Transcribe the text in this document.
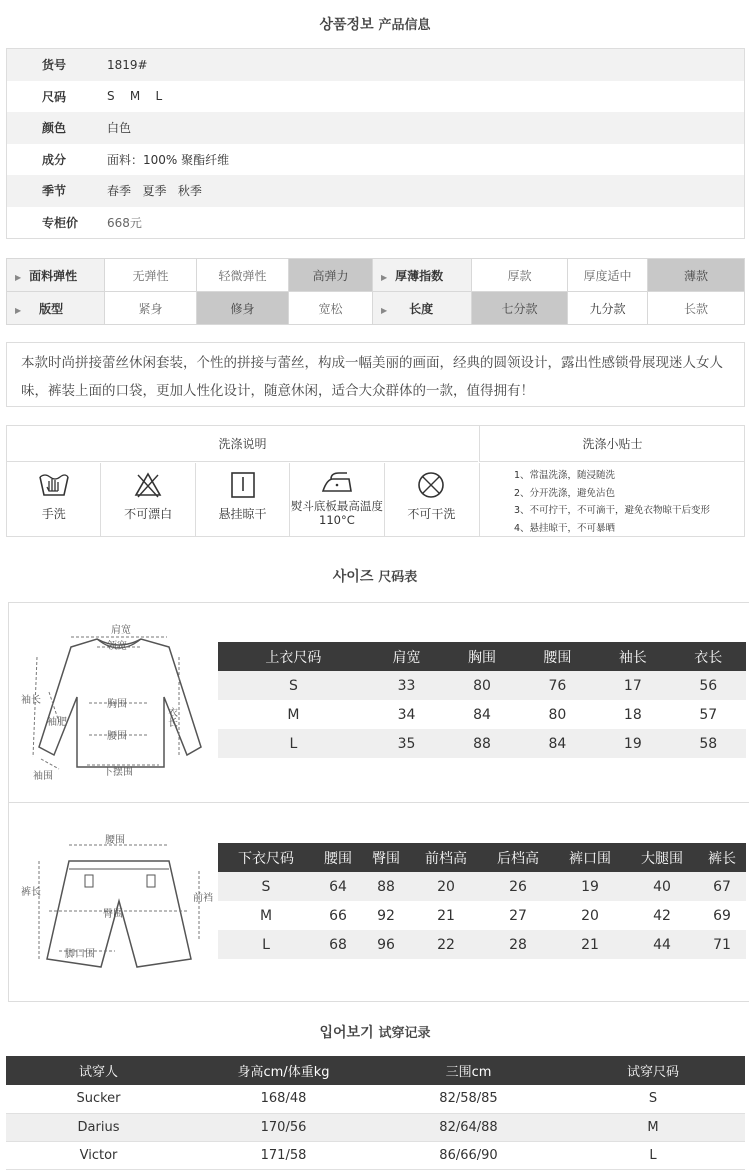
상품정보 产品信息
货号	1819#
尺码	S    M    L
颜色	白色
成分	面料：100% 聚酯纤维
季节	春季   夏季   秋季
专柜价	668元
▶ 面料弹性	无弹性	轻微弹性	高弹力	▶ 厚薄指数	厚款	厚度适中	薄款
▶ 版型	紧身	修身	宽松	▶ 长度	七分款	九分款	长款
本款时尚拼接蕾丝休闲套装，个性的拼接与蕾丝，构成一幅美丽的画面，经典的圆领设计，露出性感锁骨展现迷人女人味，裤装上面的口袋，更加人性化设计，随意休闲，适合大众群体的一款，值得拥有！
洗涤说明	洗涤小贴士
手洗	不可漂白	悬挂晾干
熨斗底板最高温度 110°C	不可干洗
1、常温洗涤，随浸随洗
2、分开洗涤，避免沾色
3、不可拧干，不可滴干，避免衣物晾干后变形
4、悬挂晾干，不可暴晒
사이즈 尺码表
肩宽
领宽
袖长
袖肥
胸围
腰围
衣长
袖围	下摆围
上衣尺码	肩宽	胸围	腰围	袖长	衣长
S	33	80	76	17	56
M	34	84	80	18	57
L	35	88	84	19	58
腰围
裤长
臀围
前裆
脚口围
下衣尺码	腰围	臀围	前档高	后档高	裤口围	大腿围	裤长
S	64	88	20	26	19	40	67
M	66	92	21	27	20	42	69
L	68	96	22	28	21	44	71
입어보기 试穿记录
试穿人	身高cm/体重kg	三围cm	试穿尺码
Sucker	168/48	82/58/85	S
Darius	170/56	82/64/88	M
Victor	171/58	86/66/90	L
